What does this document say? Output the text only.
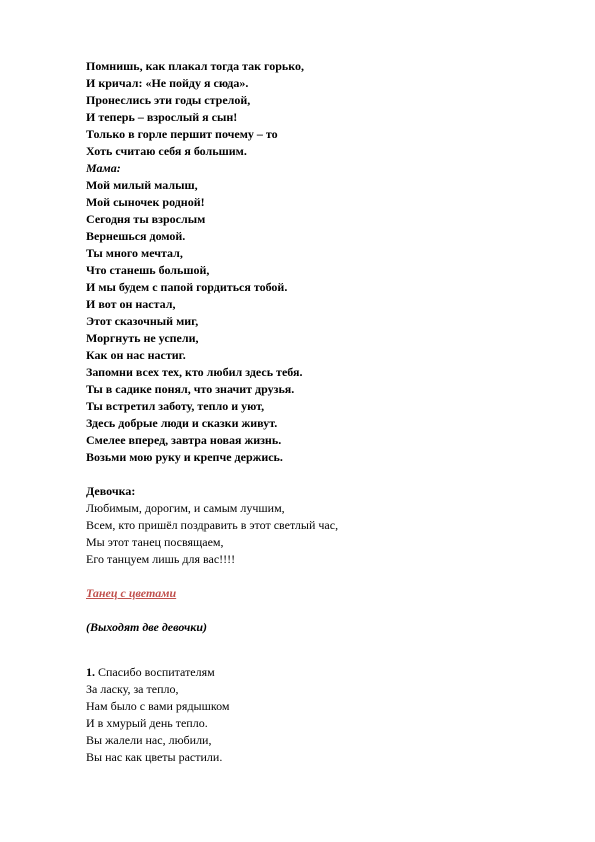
Помнишь, как плакал тогда так горько,
И кричал: «Не пойду я сюда».
Пронеслись эти годы стрелой,
И теперь – взрослый я сын!
Только в горле першит почему – то
Хоть считаю себя я большим.
Мама:
Мой милый малыш,
Мой сыночек родной!
Сегодня ты взрослым
Вернешься домой.
Ты много мечтал,
Что станешь большой,
И мы будем с папой гордиться тобой.
И вот он настал,
Этот сказочный миг,
Моргнуть не успели,
Как он нас настиг.
Запомни всех тех, кто любил здесь тебя.
Ты в садике понял, что значит друзья.
Ты встретил заботу, тепло и уют,
Здесь добрые люди и сказки живут.
Смелее вперед, завтра новая жизнь.
Возьми мою руку и крепче держись.
Девочка:
Любимым, дорогим, и самым лучшим,
Всем, кто пришёл поздравить в этот светлый час,
Мы этот танец посвящаем,
Его танцуем лишь для вас!!!!
Танец с цветами
(Выходят две девочки)
1. Спасибо воспитателям
За ласку, за тепло,
Нам было с вами рядышком
И в хмурый день тепло.
Вы жалели нас, любили,
Вы нас как цветы растили.
